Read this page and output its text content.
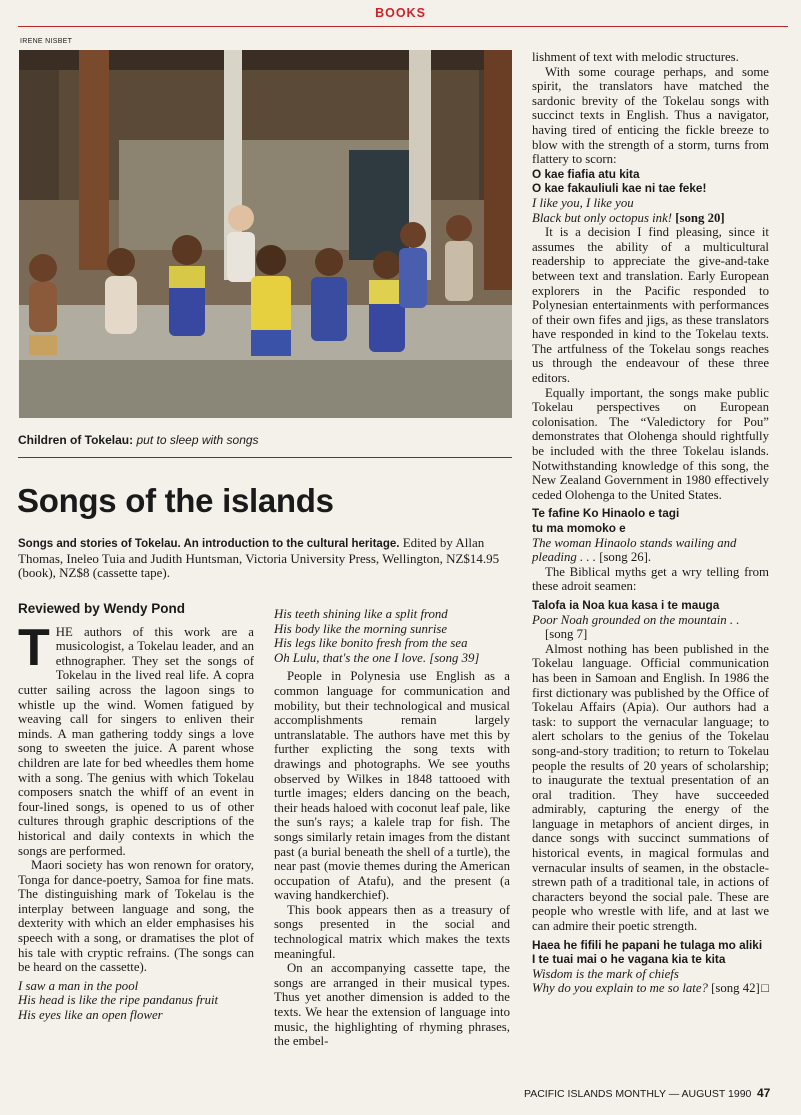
BOOKS
IRENE NISBET
Children of Tokelau: put to sleep with songs
Songs of the islands
Songs and stories of Tokelau. An introduction to the cultural heritage. Edited by Allan Thomas, Ineleo Tuia and Judith Huntsman, Victoria University Press, Wellington, NZ$14.95 (book), NZ$8 (cassette tape).

Reviewed by Wendy Pond

THE authors of this work are a musicologist, a Tokelau leader, and an ethnographer. They set the songs of Tokelau in the lived real life. A copra cutter sailing across the lagoon sings to whistle up the wind. Women fatigued by weaving call for singers to enliven their minds. A man gathering toddy sings a love song to sweeten the juice. A parent whose children are late for bed wheedles them home with a song. The genius with which Tokelau composers snatch the whiff of an event in four-lined songs, is opened to us of other cultures through graphic descriptions of the historical and daily contexts in which the songs are performed.

Maori society has won renown for oratory, Tonga for dance-poetry, Samoa for fine mats. The distinguishing mark of Tokelau is the interplay between language and song, the dexterity with which an elder emphasises his speech with a song, or dramatises the plot of his tale with cryptic refrains. (The songs can be heard on the cassette).

I saw a man in the pool

His head is like the ripe pandanus fruit

His eyes like an open flower

His teeth shining like a split frond

His body like the morning sunrise

His legs like bonito fresh from the sea

Oh Lulu, that's the one I love. [song 39]

People in Polynesia use English as a common language for communication and mobility, but their technological and musical accomplishments remain largely untranslatable. The authors have met this by further explicting the song texts with drawings and photographs. We see youths observed by Wilkes in 1848 tattooed with turtle images; elders dancing on the beach, their heads haloed with coconut leaf pale, like the sun's rays; a kalele trap for fish. The songs similarly retain images from the distant past (a burial beneath the shell of a turtle), the near past (movie themes during the American occupation of Atafu), and the present (a waving handkerchief).

This book appears then as a treasury of songs presented in the social and technological matrix which makes the texts meaningful.

On an accompanying cassette tape, the songs are arranged in their musical types. Thus yet another dimension is added to the texts. We hear the extension of language into music, the highlighting of rhyming phrases, the embel-

lishment of text with melodic structures.

With some courage perhaps, and some spirit, the translators have matched the sardonic brevity of the Tokelau songs with succinct texts in English. Thus a navigator, having tired of enticing the fickle breeze to blow with the strength of a storm, turns from flattery to scorn:

O kae fiafia atu kita

O kae fakauliuli kae ni tae feke!

I like you, I like you

Black but only octopus ink! [song 20]

It is a decision I find pleasing, since it assumes the ability of a multicultural readership to appreciate the give-and-take between text and translation. Early European explorers in the Pacific responded to Polynesian entertainments with performances of their own fifes and jigs, as these translators have responded in kind to the Tokelau texts. The artfulness of the Tokelau songs reaches us through the endeavour of these three editors.

Equally important, the songs make public Tokelau perspectives on European colonisation. The “Valedictory for Pou” demonstrates that Olohenga should rightfully be included with the three Tokelau islands. Notwithstanding knowledge of this song, the New Zealand Government in 1980 effectively ceded Olohenga to the United States.

Te fafine Ko Hinaolo e tagi

tu ma momoko e

The woman Hinaolo stands wailing and pleading . . . [song 26].

The Biblical myths get a wry telling from these adroit seamen:

Talofa ia Noa kua kasa i te mauga

Poor Noah grounded on the mountain . .

[song 7]

Almost nothing has been published in the Tokelau language. Official communication has been in Samoan and English. In 1986 the first dictionary was published by the Office of Tokelau Affairs (Apia). Our authors had a task: to support the vernacular language; to alert scholars to the genius of the Tokelau song-and-story tradition; to return to Tokelau people the results of 20 years of scholarship; to inaugurate the textual presentation of an oral tradition. They have succeeded admirably, capturing the energy of the language in metaphors of ancient dirges, in dance songs with succinct summations of historical events, in magical formulas and vernacular insults of seamen, in the obstacle-strewn path of a traditional tale, in actions of characters beyond the social pale. These are people who wrestle with life, and at last we can admire their poetic strength.

Haea he fifili he papani he tulaga mo aliki

I te tuai mai o he vagana kia te kita

Wisdom is the mark of chiefs

Why do you explain to me so late? [song 42] □

PACIFIC ISLANDS MONTHLY — AUGUST 1990 47
